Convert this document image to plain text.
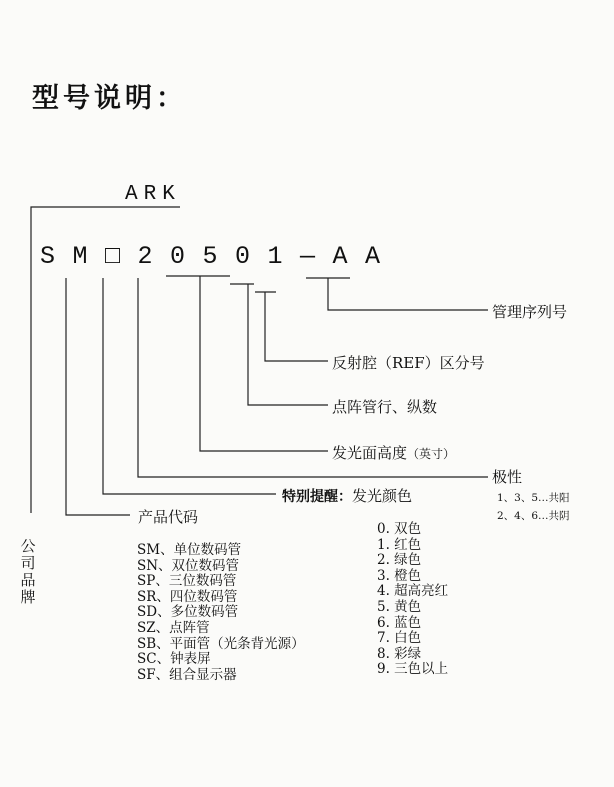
型号说明：
ARK
S M □ 2 0 5 0 1 — A A
管理序列号
反射腔（REF）区分号
点阵管行、纵数
发光面高度（英寸）
极性
1、3、5…共阳
2、4、6…共阴
特别提醒：发光颜色
产品代码
公司品牌
SM、单位数码管
SN、双位数码管
SP、三位数码管
SR、四位数码管
SD、多位数码管
SZ、点阵管
SB、平面管（光条背光源）
SC、钟表屏
SF、组合显示器
0. 双色
1. 红色
2. 绿色
3. 橙色
4. 超高亮红
5. 黄色
6. 蓝色
7. 白色
8. 彩绿
9. 三色以上
